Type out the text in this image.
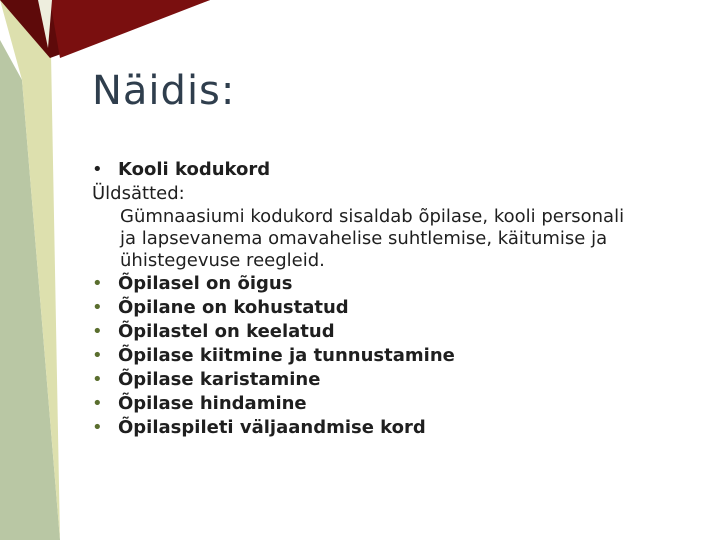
Näidis:
• Kooli kodukord
Üldsätted:
Gümnaasiumi kodukord sisaldab õpilase, kooli personali ja lapsevanema omavahelise suhtlemise, käitumise ja ühistegevuse reegleid.
• Õpilasel on õigus
• Õpilane on kohustatud
• Õpilastel on keelatud
• Õpilase kiitmine ja tunnustamine
• Õpilase karistamine
• Õpilase hindamine
• Õpilaspileti väljaandmise kord
